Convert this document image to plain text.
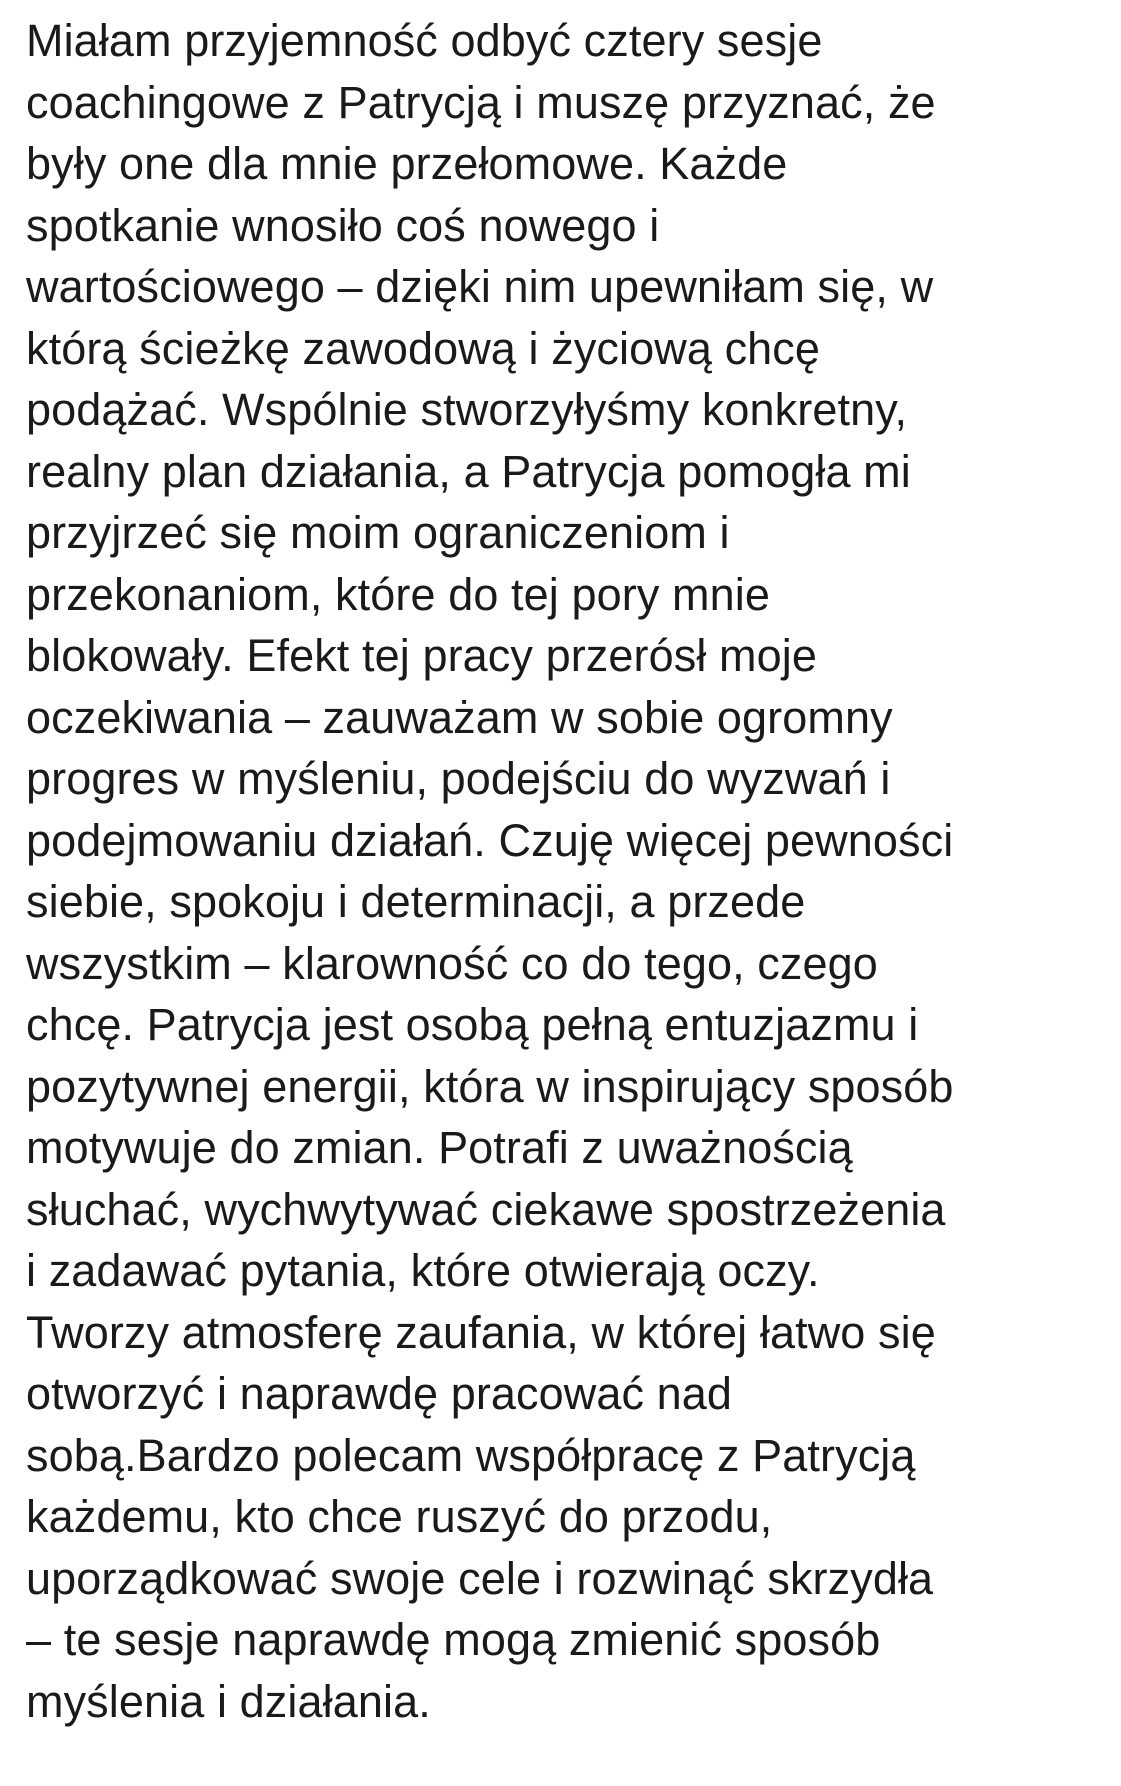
Miałam przyjemność odbyć cztery sesje
coachingowe z Patrycją i muszę przyznać, że
były one dla mnie przełomowe. Każde
spotkanie wnosiło coś nowego i
wartościowego – dzięki nim upewniłam się, w
którą ścieżkę zawodową i życiową chcę
podążać. Wspólnie stworzyłyśmy konkretny,
realny plan działania, a Patrycja pomogła mi
przyjrzeć się moim ograniczeniom i
przekonaniom, które do tej pory mnie
blokowały. Efekt tej pracy przerósł moje
oczekiwania – zauważam w sobie ogromny
progres w myśleniu, podejściu do wyzwań i
podejmowaniu działań. Czuję więcej pewności
siebie, spokoju i determinacji, a przede
wszystkim – klarowność co do tego, czego
chcę. Patrycja jest osobą pełną entuzjazmu i
pozytywnej energii, która w inspirujący sposób
motywuje do zmian. Potrafi z uważnością
słuchać, wychwytywać ciekawe spostrzeżenia
i zadawać pytania, które otwierają oczy.
Tworzy atmosferę zaufania, w której łatwo się
otworzyć i naprawdę pracować nad
sobą.Bardzo polecam współpracę z Patrycją
każdemu, kto chce ruszyć do przodu,
uporządkować swoje cele i rozwinąć skrzydła
– te sesje naprawdę mogą zmienić sposób
myślenia i działania.
